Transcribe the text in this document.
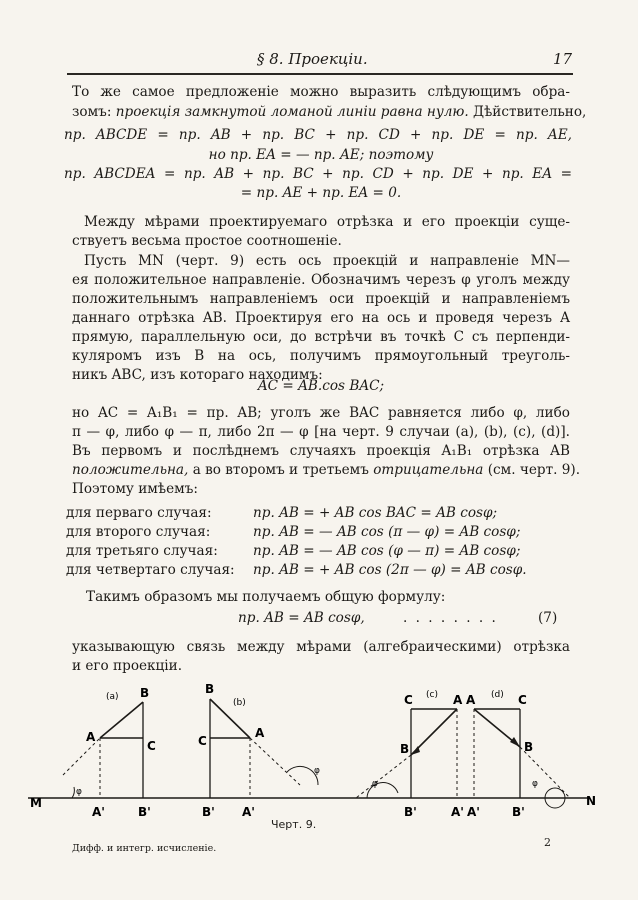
§ 8. Проекціи.	17
То же самое предложеніе можно выразить слѣдующимъ обра-
зомъ: проекція замкнутой ломаной линіи равна нулю. Дѣйствительно,
пр. ABCDE = пр. AB + пр. BC + пр. CD + пр. DE = пр. AE,
но пр. EA = — пр. AE; поэтому
пр. ABCDEA = пр. AB + пр. BC + пр. CD + пр. DE + пр. EA =
= пр. AE + пр. EA = 0.
Между мѣрами проектируемаго отрѣзка и его проекціи суще-
ствуетъ весьма простое соотношеніе.
Пусть MN (черт. 9) есть ось проекцій и направленіе MN—
ея положительное направленіе. Обозначимъ черезъ φ уголъ между
положительнымъ направленіемъ оси проекцій и направленіемъ
даннаго отрѣзка AB. Проектируя его на ось и проведя черезъ A
прямую, параллельную оси, до встрѣчи въ точкѣ C съ перпенди-
кулярoмъ изъ B на ось, получимъ прямоугольный треуголь-
никъ ABC, изъ котораго находимъ:
AC = AB.cos BAC;
но AC = A₁B₁ = пр. AB; уголъ же BAC равняется либо φ, либо
π — φ, либо φ — π, либо 2π — φ [на черт. 9 случаи (a), (b), (c), (d)].
Въ первомъ и послѣднемъ случаяхъ проекція A₁B₁ отрѣзка AB
положительна, а во второмъ и третьемъ отрицательна (см. черт. 9).
Поэтому имѣемъ:
для перваго случая:	пр. AB = + AB cos BAC = AB cosφ;
для второго случая:	пр. AB = — AB cos (π — φ) = AB cosφ;
для третьяго случая:	пр. AB = — AB cos (φ — π) = AB cosφ;
для четвертаго случая: пр. AB = + AB cos (2π — φ) = AB cosφ.
Такимъ образомъ мы получаемъ общую формулу:
пр. AB = AB cosφ,	. . . . . . . .	(7)
указывающую связь между мѣрами (алгебраическими) отрѣзка
и его проекціи.
M	N
φ
(a) B
A
C
A'	B'
φ
(b)
B
C
A
B' A'
φ
(c)
C	A
B
B'	A'
φ
(d)
A	C
B
A'	B'
Черт. 9.
Дифф. и интегр. исчисленіе.	2
